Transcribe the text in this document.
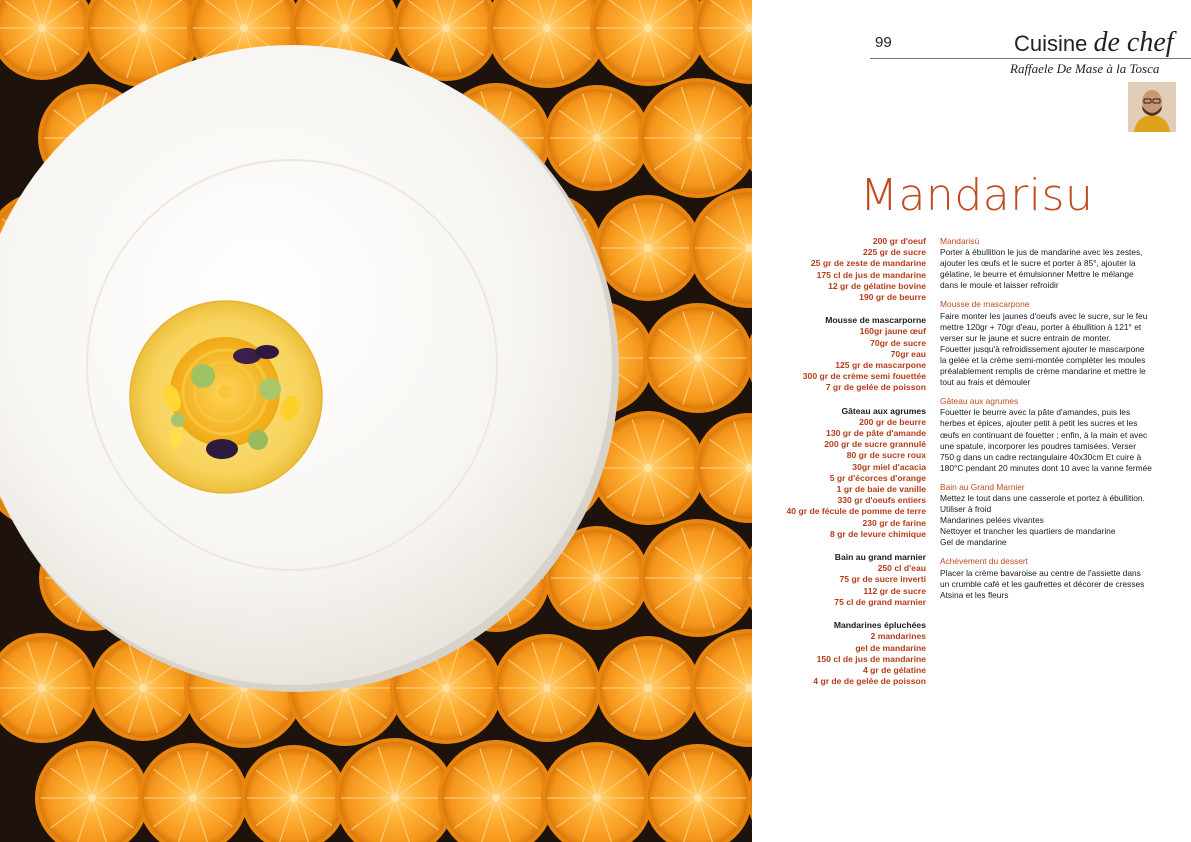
99	Cuisine de chef
Raffaele De Mase à la Tosca
Mandarisu
200 gr d'oeuf
225 gr de sucre
25 gr de zeste de mandarine
175 cl de jus de mandarine
12 gr de gélatine bovine
190 gr de beurre
Mousse de mascarporne
160gr jaune œuf
70gr de sucre
70gr eau
125 gr de mascarpone
300 gr de crème semi fouettée
7 gr de gelée de poisson
Gâteau aux agrumes
200 gr de beurre
130 gr de pâte d'amande
200 gr de sucre grannulé
80 gr de sucre roux
30gr miel d'acacia
5 gr d'écorces d'orange
1 gr de baie de vanille
330 gr d'oeufs entiers
40 gr de fécule de pomme de terre
230 gr de farine
8 gr de levure chimique
Bain au grand marnier
250 cl d'eau
75 gr de sucre inverti
112 gr de sucre
75 cl de grand marnier
Mandarines épluchées
2 mandarines
gel de mandarine
150 cl de jus de mandarine
4 gr de gélatine
4 gr de de gelée de poisson

Mandarisù

Porter à ébullition le jus de mandarine avec les zestes, ajouter les œufs et le sucre et porter à 85°, ajouter la gélatine, le beurre et émulsionner Mettre le mélange dans le moule et laisser refroidir

Mousse de mascarpone

Faire monter les jaunes d'oeufs avec le sucre, sur le feu mettre 120gr + 70gr d'eau, porter à ébullition à 121° et verser sur le jaune et sucre entrain de monter.

Fouetter jusqu'à refroidissement ajouter le mascarpone la gelée et la crème semi-montée compléter les moules préalablement remplis de crème mandarine et mettre le tout au frais et démouler

Gâteau aux agrumes

Fouetter le beurre avec la pâte d'amandes, puis les herbes et épices, ajouter petit à petit les sucres et les œufs en continuant de fouetter ; enfin, à la main et avec une spatule, incorporer les poudres tamisées. Verser 750 g dans un cadre rectangulaire 40x30cm Et cuire à 180°C pendant 20 minutes dont 10 avec la vanne fermée

Bain au Grand Marnier

Mettez le tout dans une casserole et portez à ébullition. Utiliser à froid

Mandarines pelées vivantes

Nettoyer et trancher les quartiers de mandarine

Gel de mandarine

Achèvement du dessert

Placer la crème bavaroise au centre de l'assiette dans un crumble café et les gaufrettes et décorer de cresses Atsina et les fleurs
